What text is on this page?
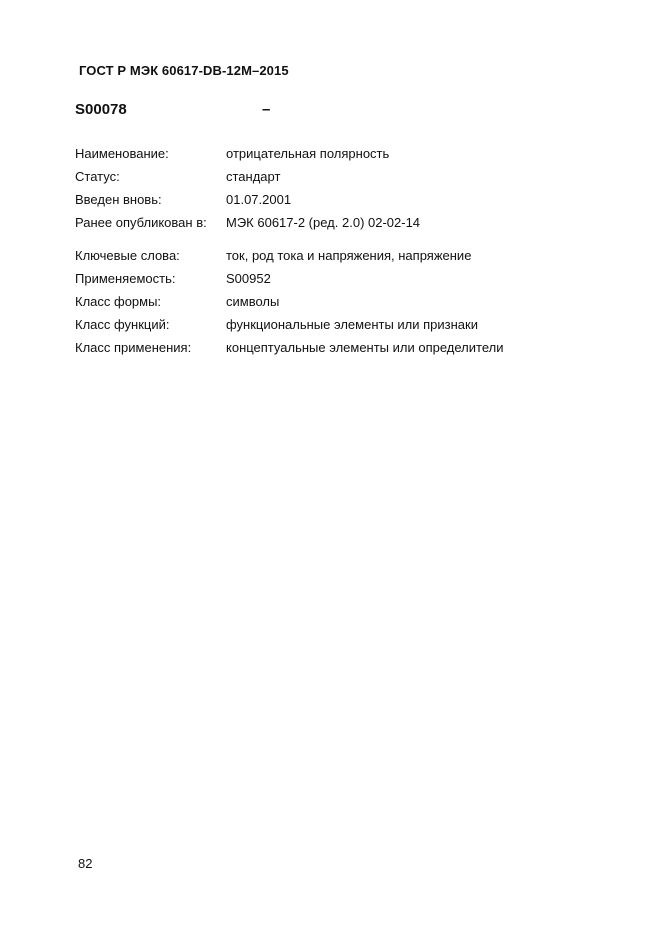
ГОСТ Р МЭК 60617-DB-12M–2015
S00078	–
Наименование:	отрицательная полярность
Статус:	стандарт
Введен вновь:	01.07.2001
Ранее опубликован в: МЭК 60617-2 (ред. 2.0) 02-02-14
Ключевые слова:	ток, род тока и напряжения, напряжение
Применяемость:	S00952
Класс формы:	символы
Класс функций:	функциональные элементы или признаки
Класс применения:	концептуальные элементы или определители
82
